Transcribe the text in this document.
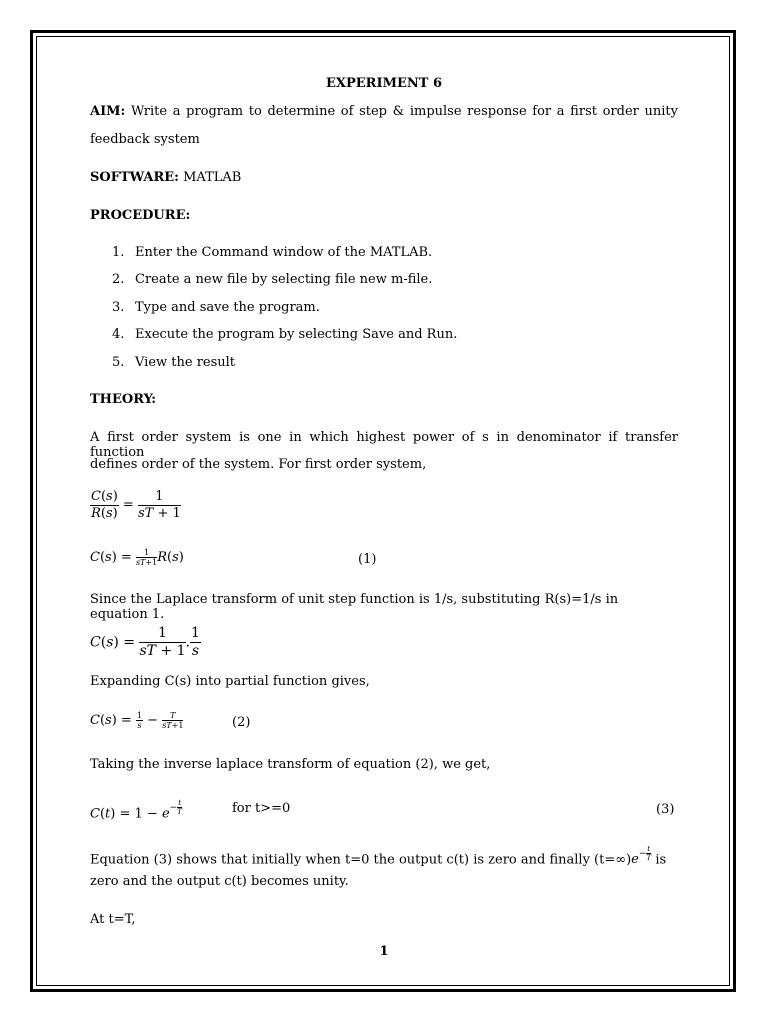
EXPERIMENT 6
AIM: Write a program to determine of step & impulse response for a first order unity
feedback system
SOFTWARE: MATLAB
PROCEDURE:
1. Enter the Command window of the MATLAB.
2. Create a new file by selecting file new m-file.
3. Type and save the program.
4. Execute the program by selecting Save and Run.
5. View the result
THEORY:
A first order system is one in which highest power of s in denominator if transfer function
defines order of the system. For first order system,
$\frac{C(s)}{R(s)} = \frac{1}{sT + 1}$
$C(s) = \frac{1}{sT+1} R(s)$	(1)
Since the Laplace transform of unit step function is 1/s, substituting R(s)=1/s in equation 1.
$C(s) = \frac{1}{sT + 1}$ . $\frac{1}{s}$
Expanding C(s) into partial function gives,
$C(s) = \frac{1}{s} - \frac{T}{sT+1}$	(2)
Taking the inverse laplace transform of equation (2), we get,
$C(t) = 1 - e^{- \frac{t}{T}}$	for t>=0	(3)
Equation (3) shows that initially when t=0 the output c(t) is zero and finally $(t=\infty)e^{- \frac{t}{T}}$ is
zero and the output c(t) becomes unity.
At t=T,
1
